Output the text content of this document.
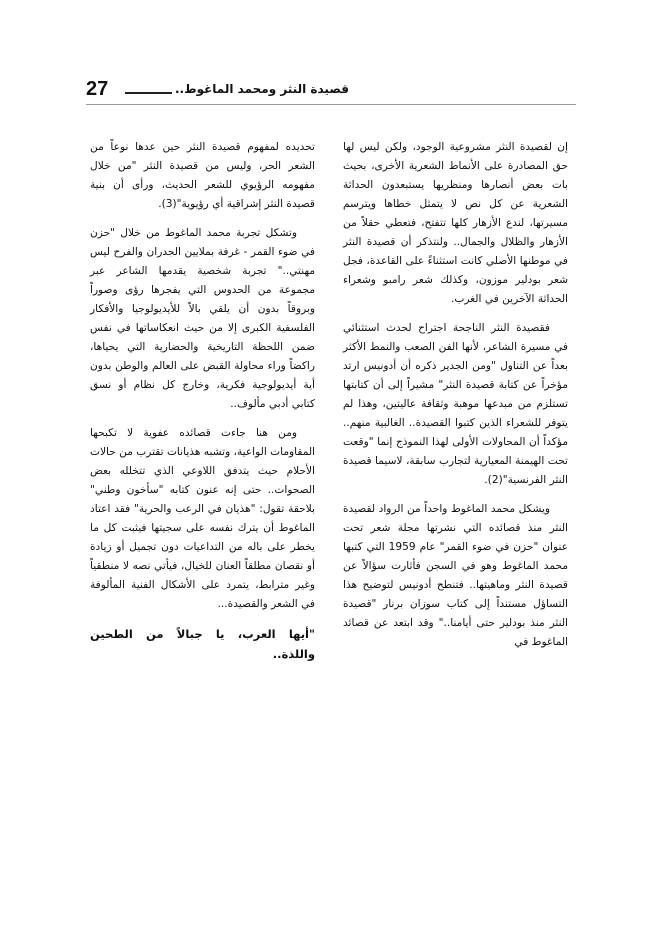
27	قصيدة النثر ومحمد الماغوط..

إن لقصيدة النثر مشروعية الوجود، ولكن ليس لها حق المصادرة على الأنماط الشعرية الأخرى، بحيث بات بعض أنصارها ومنظريها يستبعدون الحداثة الشعرية عن كل نص لا يتمثل خطاها ويترسم مسيرتها، لندع الأزهار كلها تتفتح، فتعطي حقلاً من الأزهار والظلال والجمال.. ولنتذكر أن قصيدة النثر في موطنها الأصلي كانت استثناءً على القاعدة، فجل شعر بودلير موزون، وكذلك شعر رامبو وشعراء الحداثة الآخرين في الغرب.

فقصيدة النثر الناجحة اجتراح لحدث استثنائي في مسيرة الشاعر، لأنها الفن الصعب والنمط الأكثر بعداً عن التناول "ومن الجدير ذكره أن أدونيس ارتد مؤخراً عن كتابة قصيدة النثر" مشيراً إلى أن كتابتها تستلزم من مبدعها موهبة وثقافة عاليتين، وهذا لم يتوفر للشعراء الذين كتبوا القصيدة.. الغالبية منهم.. مؤكداً أن المحاولات الأولى لهذا النموذج إنما "وقعت تحت الهيمنة المعيارية لتجارب سابقة، لاسيما قصيدة النثر الفرنسية"(2).

ويشكل محمد الماغوط واحداً من الرواد لقصيدة النثر منذ قصائده التي نشرتها مجلة شعر تحت عنوان "حزن في ضوء القمر" عام 1959 التي كتبها محمد الماغوط وهو في السجن فأثارت سؤالاً عن قصيدة النثر وماهيتها.. فتنطح أدونيس لتوضيح هذا التساؤل مستنداً إلى كتاب سوزان برنار "قصيدة النثر منذ بودلير حتى أيامنا.." وقد ابتعد عن قصائد الماغوط في

تحديده لمفهوم قصيدة النثر حين عدها نوعاً من الشعر الحر، وليس من قصيدة النثر "من خلال مفهومه الرؤيوي للشعر الحديث، ورأى أن بنية قصيدة النثر إشراقية أي رؤيوية"(3).

وتشكل تجربة محمد الماغوط من خلال "حزن في ضوء القمر - غرفة بملايين الجدران والفرح ليس مهنتي.." تجربة شخصية يقدمها الشاعر عبر مجموعة من الحدوس التي يفجرها رؤى وصوراً وبروقاً بدون أن يلقي بالاً للأيديولوجيا والأفكار الفلسفية الكبرى إلا من حيث انعكاساتها في نفس ضمن اللحظة التاريخية والحضارية التي يحياها، راكضاً وراء محاولة القبض على العالم والوطن بدون أية أيديولوجية فكرية، وخارج كل نظام أو نسق كتابي أدبي مألوف..

ومن هنا جاءت قصائده عفوية لا تكبحها المقاومات الواعية، وتشبه هذيانات تقترب من حالات الأحلام حيث يتدفق اللاوعي الذي تتخلله بعض الصحوات.. حتى إنه عنون كتابه "سأخون وطني" بلاحقة تقول: "هذيان في الرعب والحرية" فقد اعتاد الماغوط أن يترك نفسه على سجيتها فيثبت كل ما يخطر على باله من التداعيات دون تجميل أو زيادة أو نقصان مطلقاً العنان للخيال، فيأتي نصه لا منطقياً وغير مترابط، يتمرد على الأشكال الفنية المألوفة في الشعر والقصيدة...

"أيها العرب، يا جبالاً من الطحين واللذة..
